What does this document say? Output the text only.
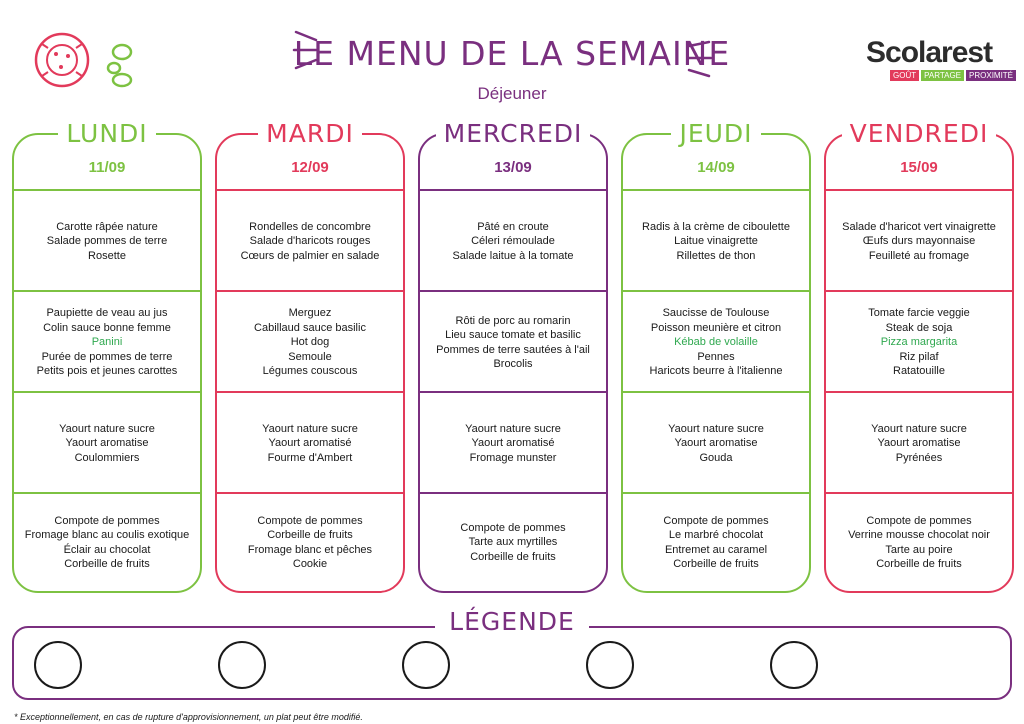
LE MENU DE LA SEMAINE
Déjeuner
Scolarest
GOÛT	PARTAGE	PROXIMITÉ
LUNDI
11/09
Carotte râpée nature
Salade pommes de terre
Rosette
Paupiette de veau au jus
Colin sauce bonne femme
Panini
Purée de pommes de terre
Petits pois et jeunes carottes
Yaourt nature sucre
Yaourt aromatise
Coulommiers
Compote de pommes
Fromage blanc au coulis exotique
Éclair au chocolat
Corbeille de fruits
MARDI
12/09
Rondelles de concombre
Salade d'haricots rouges
Cœurs de palmier en salade
Merguez
Cabillaud sauce basilic
Hot dog
Semoule
Légumes couscous
Yaourt nature sucre
Yaourt aromatisé
Fourme d'Ambert
Compote de pommes
Corbeille de fruits
Fromage blanc et pêches
Cookie
MERCREDI
13/09
Pâté en croute
Céleri rémoulade
Salade laitue à la tomate
Rôti de porc au romarin
Lieu sauce tomate et basilic
Pommes de terre sautées à l'ail
Brocolis
Yaourt nature sucre
Yaourt aromatisé
Fromage munster
Compote de pommes
Tarte aux myrtilles
Corbeille de fruits
JEUDI
14/09
Radis à la crème de ciboulette
Laitue vinaigrette
Rillettes de thon
Saucisse de Toulouse
Poisson meunière et citron
Kébab de volaille
Pennes
Haricots beurre à l'italienne
Yaourt nature sucre
Yaourt aromatise
Gouda
Compote de pommes
Le marbré chocolat
Entremet au caramel
Corbeille de fruits
VENDREDI
15/09
Salade d'haricot vert vinaigrette
Œufs durs mayonnaise
Feuilleté au fromage
Tomate farcie veggie
Steak de soja
Pizza margarita
Riz pilaf
Ratatouille
Yaourt nature sucre
Yaourt aromatise
Pyrénées
Compote de pommes
Verrine mousse chocolat noir
Tarte au poire
Corbeille de fruits
LÉGENDE
* Exceptionnellement, en cas de rupture d'approvisionnement, un plat peut être modifié.
